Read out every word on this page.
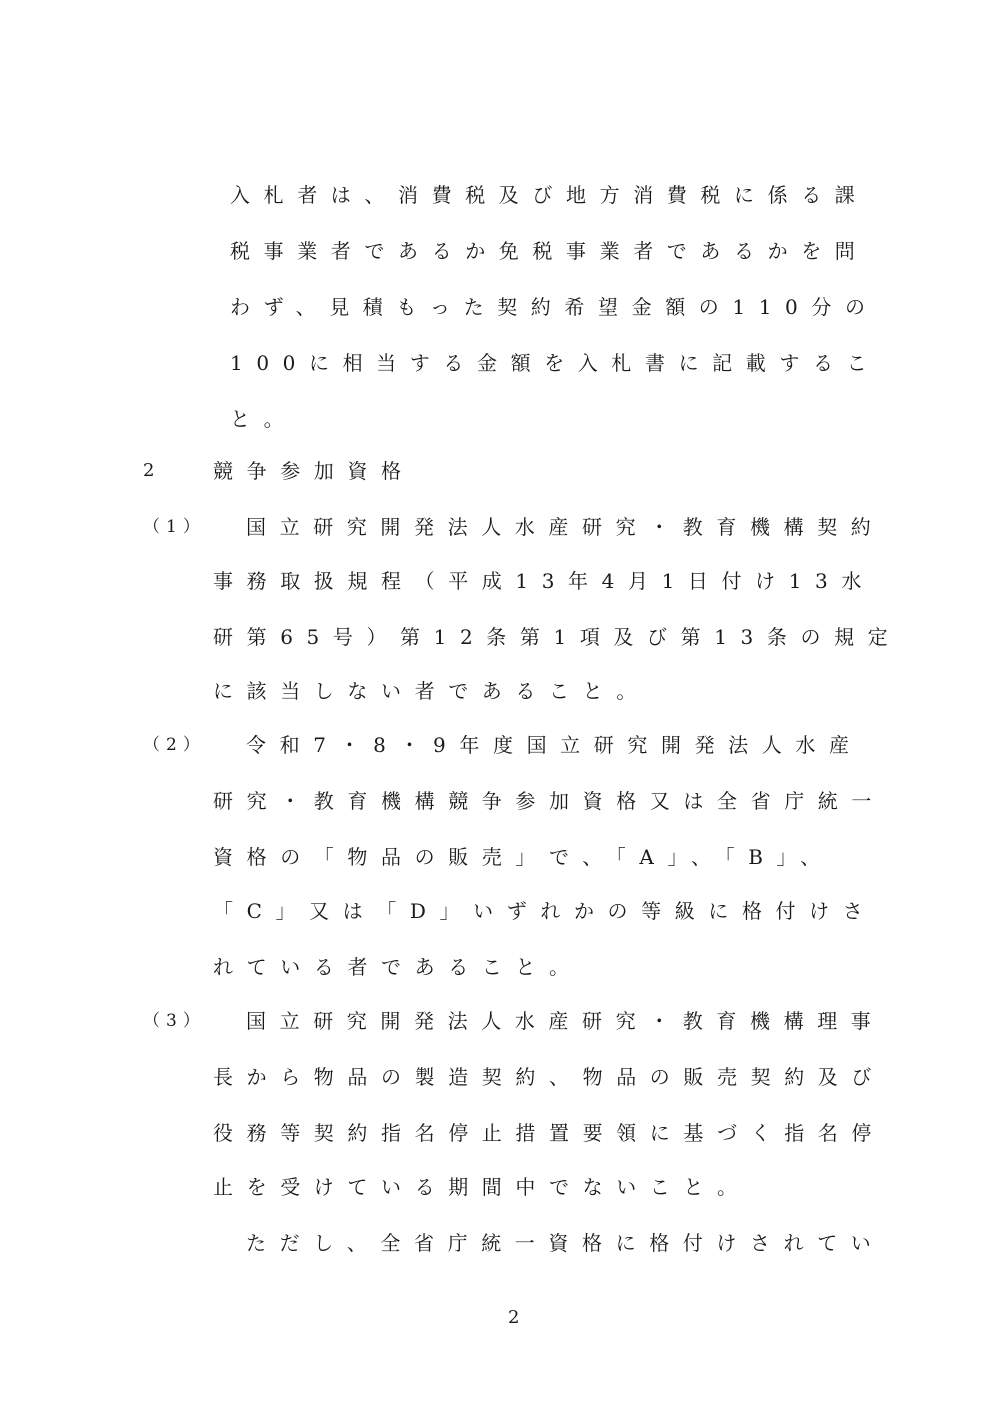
入札者は、消費税及び地方消費税に係る課
税事業者であるか免税事業者であるかを問
わず、見積もった契約希望金額の110分の
100に相当する金額を入札書に記載するこ
と。
2	競争参加資格
（1） 国立研究開発法人水産研究・教育機構契約
事務取扱規程（平成13年4月1日付け13水
研第65号）第12条第1項及び第13条の規定
に該当しない者であること。
（2） 令和7・8・9年度国立研究開発法人水産
研究・教育機構競争参加資格又は全省庁統一
資格の「物品の販売」で、「A」、「B」、
「C」又は「D」いずれかの等級に格付けさ
れている者であること。
（3） 国立研究開発法人水産研究・教育機構理事
長から物品の製造契約、物品の販売契約及び
役務等契約指名停止措置要領に基づく指名停
止を受けている期間中でないこと。
ただし、全省庁統一資格に格付けされてい
2
